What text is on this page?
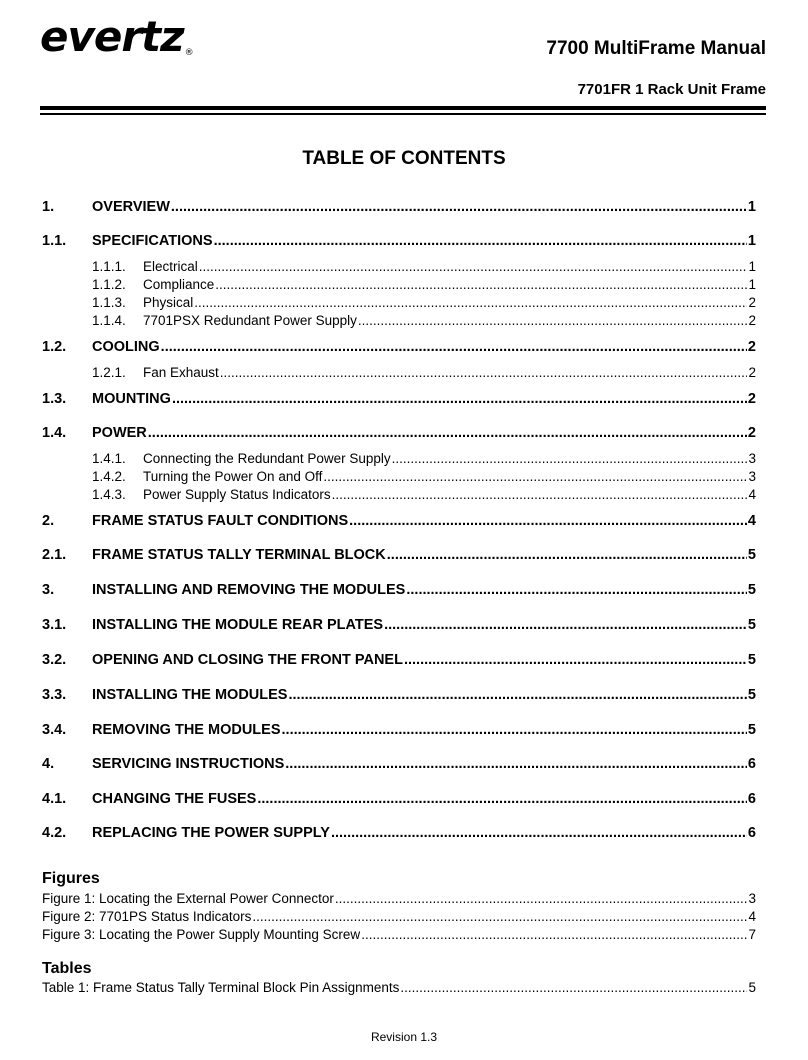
evertz®	7700 MultiFrame Manual
7701FR 1 Rack Unit Frame
TABLE OF CONTENTS
1.	OVERVIEW .....	1
1.1.	SPECIFICATIONS .....	1
1.1.1.	Electrical .....	1
1.1.2.	Compliance .....	1
1.1.3.	Physical .....	2
1.1.4.	7701PSX Redundant Power Supply .....	2
1.2.	COOLING .....	2
1.2.1.	Fan Exhaust .....	2
1.3.	MOUNTING .....	2
1.4.	POWER .....	2
1.4.1.	Connecting the Redundant Power Supply .....	3
1.4.2.	Turning the Power On and Off .....	3
1.4.3.	Power Supply Status Indicators .....	4
2.	FRAME STATUS FAULT CONDITIONS .....	4
2.1.	FRAME STATUS TALLY TERMINAL BLOCK .....	5
3.	INSTALLING AND REMOVING THE MODULES .....	5
3.1.	INSTALLING THE MODULE REAR PLATES .....	5
3.2.	OPENING AND CLOSING THE FRONT PANEL .....	5
3.3.	INSTALLING THE MODULES .....	5
3.4.	REMOVING THE MODULES .....	5
4.	SERVICING INSTRUCTIONS .....	6
4.1.	CHANGING THE FUSES .....	6
4.2.	REPLACING THE POWER SUPPLY .....	6
Figures
Figure 1: Locating the External Power Connector .....	3
Figure 2: 7701PS Status Indicators .....	4
Figure 3: Locating the Power Supply Mounting Screw .....	7
Tables
Table 1: Frame Status Tally Terminal Block Pin Assignments .....	5
Revision 1.3
